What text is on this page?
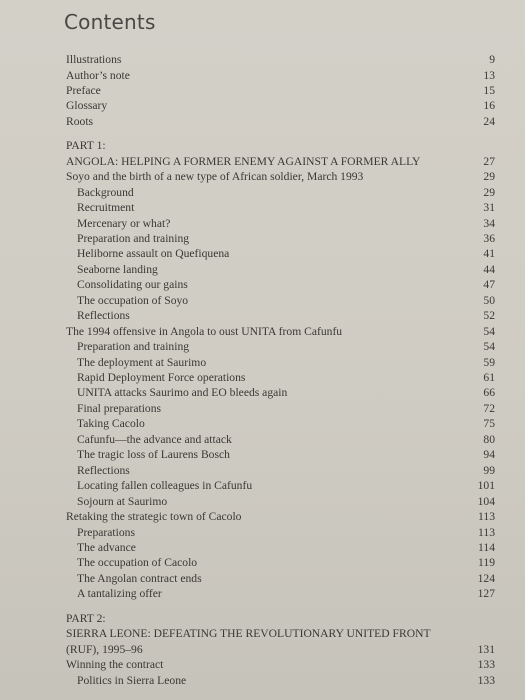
Contents
Illustrations	9
Author’s note	13
Preface	15
Glossary	16
Roots	24
PART 1:
ANGOLA: HELPING A FORMER ENEMY AGAINST A FORMER ALLY	27
Soyo and the birth of a new type of African soldier, March 1993	29
Background	29
Recruitment	31
Mercenary or what?	34
Preparation and training	36
Heliborne assault on Quefiquena	41
Seaborne landing	44
Consolidating our gains	47
The occupation of Soyo	50
Reflections	52
The 1994 offensive in Angola to oust UNITA from Cafunfu	54
Preparation and training	54
The deployment at Saurimo	59
Rapid Deployment Force operations	61
UNITA attacks Saurimo and EO bleeds again	66
Final preparations	72
Taking Cacolo	75
Cafunfu—the advance and attack	80
The tragic loss of Laurens Bosch	94
Reflections	99
Locating fallen colleagues in Cafunfu	101
Sojourn at Saurimo	104
Retaking the strategic town of Cacolo	113
Preparations	113
The advance	114
The occupation of Cacolo	119
The Angolan contract ends	124
A tantalizing offer	127
PART 2:
SIERRA LEONE: DEFEATING THE REVOLUTIONARY UNITED FRONT
(RUF), 1995–96	131
Winning the contract	133
Politics in Sierra Leone	133
